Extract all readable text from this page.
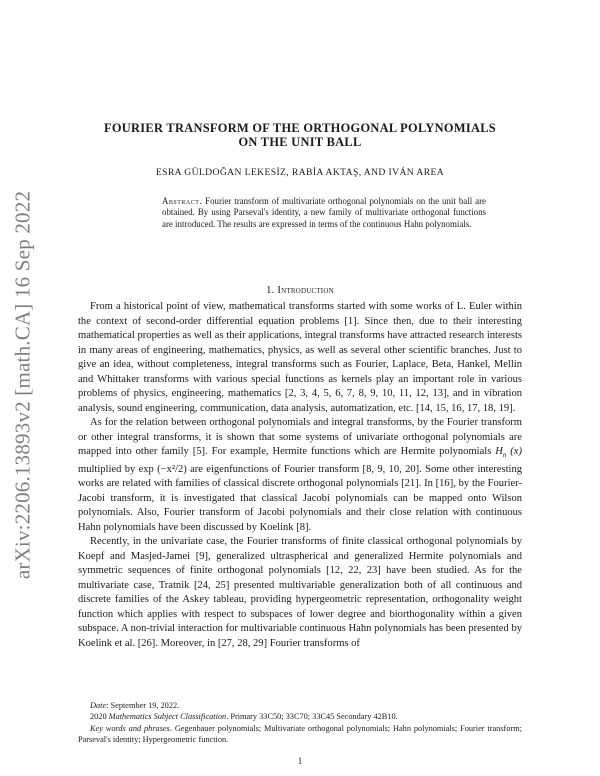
arXiv:2206.13893v2 [math.CA] 16 Sep 2022
FOURIER TRANSFORM OF THE ORTHOGONAL POLYNOMIALS
ON THE UNIT BALL
ESRA GÜLDOĞAN LEKESİZ, RABİA AKTAŞ, AND IVÁN AREA
Abstract. Fourier transform of multivariate orthogonal polynomials on the unit ball are obtained. By using Parseval's identity, a new family of multivariate orthogonal functions are introduced. The results are expressed in terms of the continuous Hahn polynomials.
1. Introduction

From a historical point of view, mathematical transforms started with some works of L. Euler within the context of second-order differential equation problems [1]. Since then, due to their interesting mathematical properties as well as their applications, integral transforms have attracted research interests in many areas of engineering, mathematics, physics, as well as several other scientific branches. Just to give an idea, without completeness, integral transforms such as Fourier, Laplace, Beta, Hankel, Mellin and Whittaker transforms with various special functions as kernels play an important role in various problems of physics, engineering, mathematics [2, 3, 4, 5, 6, 7, 8, 9, 10, 11, 12, 13], and in vibration analysis, sound engineering, communication, data analysis, automatization, etc. [14, 15, 16, 17, 18, 19].

As for the relation between orthogonal polynomials and integral transforms, by the Fourier transform or other integral transforms, it is shown that some systems of univariate orthogonal polynomials are mapped into other family [5]. For example, Hermite functions which are Hermite polynomials $H_n$ (x) multiplied by exp (−x²/2) are eigenfunctions of Fourier transform [8, 9, 10, 20]. Some other interesting works are related with families of classical discrete orthogonal polynomials [21]. In [16], by the Fourier-Jacobi transform, it is investigated that classical Jacobi polynomials can be mapped onto Wilson polynomials. Also, Fourier transform of Jacobi polynomials and their close relation with continuous Hahn polynomials have been discussed by Koelink [8].

Recently, in the univariate case, the Fourier transforms of finite classical orthogonal polynomials by Koepf and Masjed-Jamei [9], generalized ultraspherical and generalized Hermite polynomials and symmetric sequences of finite orthogonal polynomials [12, 22, 23] have been studied. As for the multivariate case, Tratnik [24, 25] presented multivariable generalization both of all continuous and discrete families of the Askey tableau, providing hypergeometric representation, orthogonality weight function which applies with respect to subspaces of lower degree and biorthogonality within a given subspace. A non-trivial interaction for multivariable continuous Hahn polynomials has been presented by Koelink et al. [26]. Moreover, in [27, 28, 29] Fourier transforms of

Date: September 19, 2022.

2020 Mathematics Subject Classification. Primary 33C50; 33C70; 33C45 Secondary 42B10.

Key words and phrases. Gegenbauer polynomials; Multivariate orthogonal polynomials; Hahn polynomials; Fourier transform; Parseval's identity; Hypergeometric function.

1
